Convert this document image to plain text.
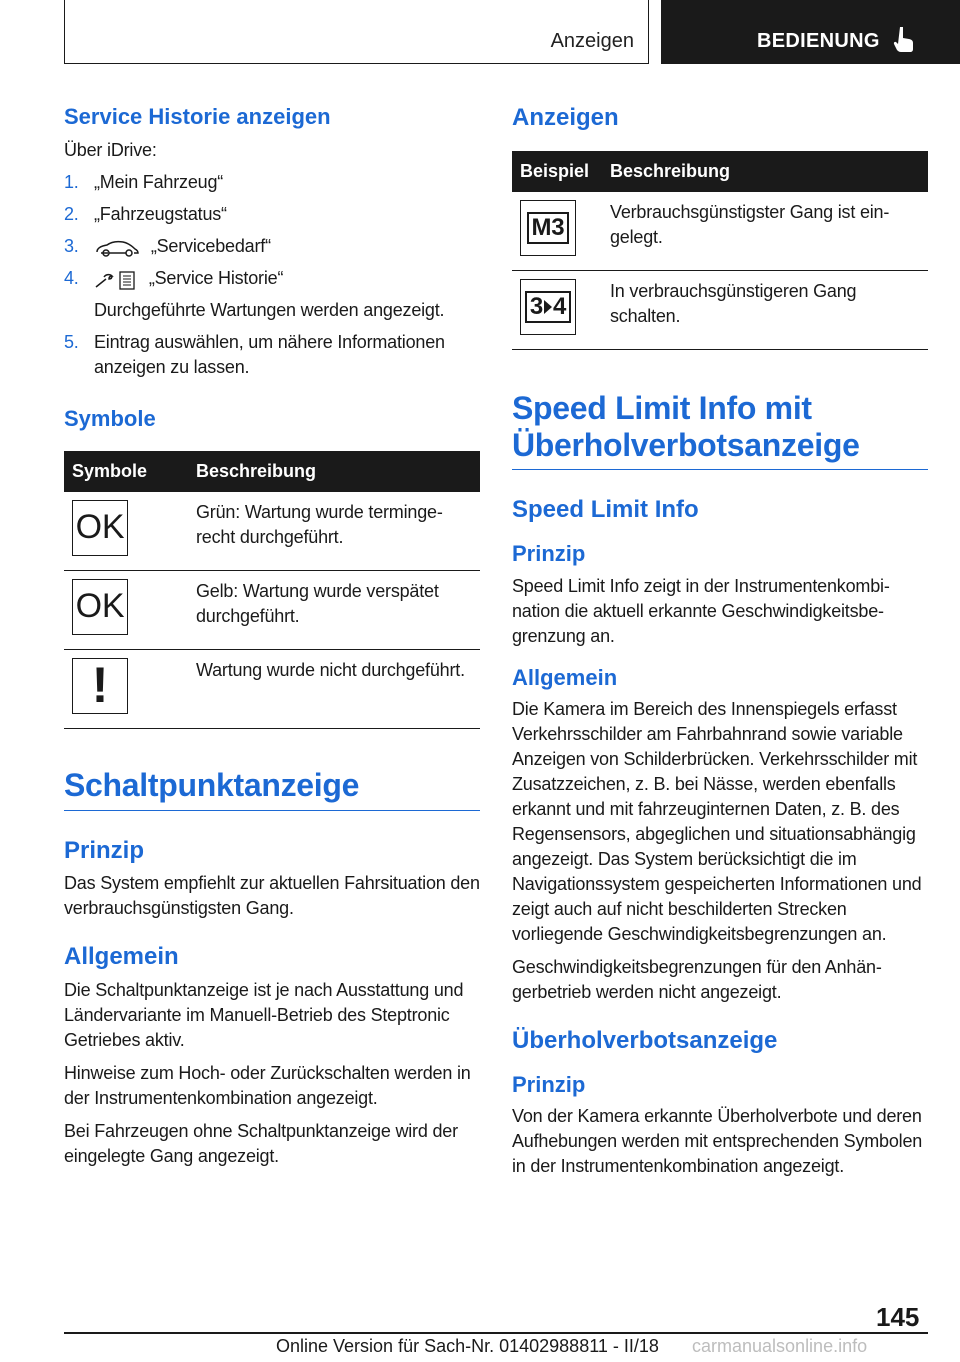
Anzeigen	BEDIENUNG
Service Historie anzeigen

Über iDrive:

1. „Mein Fahrzeug“
2. „Fahrzeugstatus“
3.	„Servicebedarf“
4.	„Service Historie“
Durchgeführte Wartungen werden angezeigt.
5. Eintrag auswählen, um nähere Informationen anzeigen zu lassen.
Symbole
Symbole	Beschreibung

OK	Grün: Wartung wurde termingerecht durchgeführt.

OK	Gelb: Wartung wurde verspätet durchgeführt.

!	Wartung wurde nicht durchgeführt.
Schaltpunktanzeige
Prinzip

Das System empfiehlt zur aktuellen Fahrsituation den verbrauchsgünstigsten Gang.

Allgemein

Die Schaltpunktanzeige ist je nach Ausstattung und Ländervariante im Manuell-Betrieb des Steptronic Getriebes aktiv.

Hinweise zum Hoch- oder Zurückschalten werden in der Instrumentenkombination angezeigt.

Bei Fahrzeugen ohne Schaltpunktanzeige wird der eingelegte Gang angezeigt.

Anzeigen
Beispiel	Beschreibung

M3	Verbrauchsgünstigster Gang ist eingelegt.

3 4	In verbrauchsgünstigeren Gang schalten.
Speed Limit Info mit Überholverbotsanzeige
Speed Limit Info
Prinzip

Speed Limit Info zeigt in der Instrumentenkombination die aktuell erkannte Geschwindigkeitsbegrenzung an.

Allgemein

Die Kamera im Bereich des Innenspiegels erfasst Verkehrsschilder am Fahrbahnrand sowie variable Anzeigen von Schilderbrücken. Verkehrsschilder mit Zusatzzeichen, z. B. bei Nässe, werden ebenfalls erkannt und mit fahrzeuginternen Daten, z. B. des Regensensors, abgeglichen und situationsabhängig angezeigt. Das System berücksichtigt die im Navigationssystem gespeicherten Informationen und zeigt auch auf nicht beschilderten Strecken vorliegende Geschwindigkeitsbegrenzungen an.

Geschwindigkeitsbegrenzungen für den Anhängerbetrieb werden nicht angezeigt.

Überholverbotsanzeige
Prinzip

Von der Kamera erkannte Überholverbote und deren Aufhebungen werden mit entsprechenden Symbolen in der Instrumentenkombination angezeigt.

145
Online Version für Sach-Nr. 01402988811 - II/18 carmanualsonline.info
